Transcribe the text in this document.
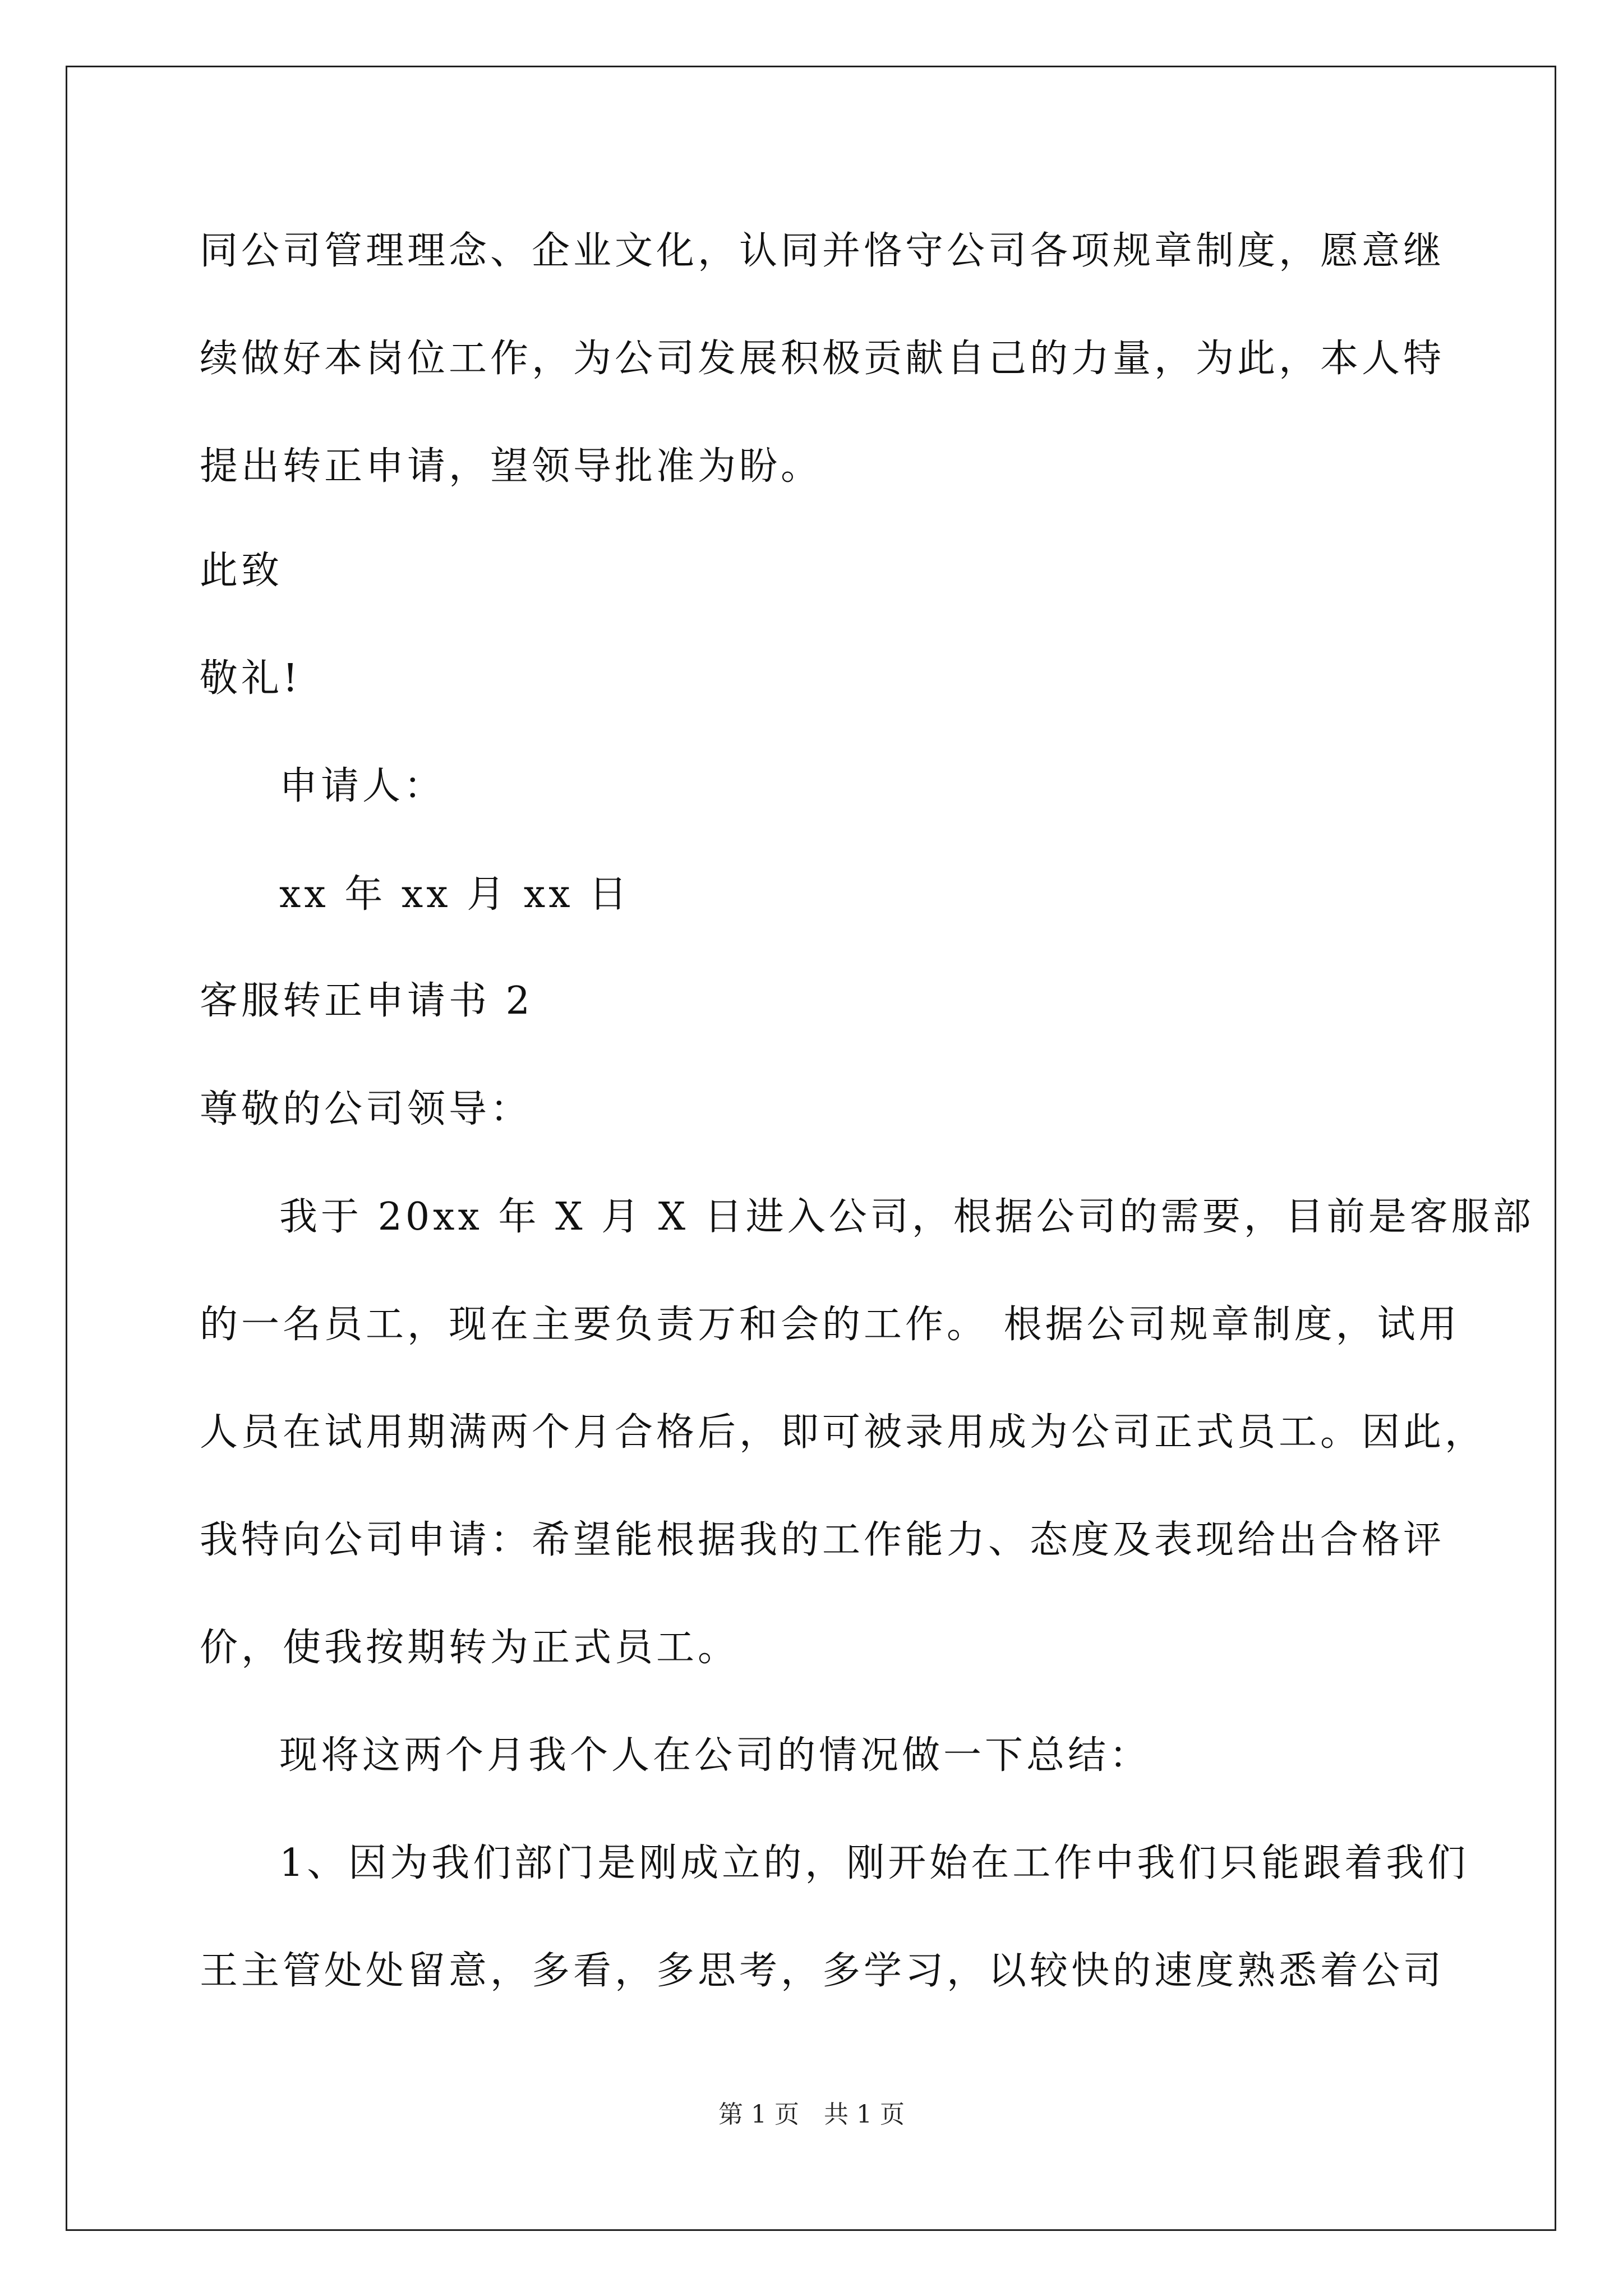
同公司管理理念、企业文化，认同并恪守公司各项规章制度，愿意继
续做好本岗位工作，为公司发展积极贡献自己的力量，为此，本人特
提出转正申请，望领导批准为盼。
此致
敬礼!
申请人：
xx 年 xx 月 xx 日
客服转正申请书 2
尊敬的公司领导：
我于 20xx 年 X 月 X 日进入公司，根据公司的需要，目前是客服部
的一名员工，现在主要负责万和会的工作。 根据公司规章制度，试用
人员在试用期满两个月合格后，即可被录用成为公司正式员工。因此，
我特向公司申请：希望能根据我的工作能力、态度及表现给出合格评
价，使我按期转为正式员工。
现将这两个月我个人在公司的情况做一下总结：
1、因为我们部门是刚成立的，刚开始在工作中我们只能跟着我们
王主管处处留意，多看，多思考，多学习，以较快的速度熟悉着公司
第 1 页　共 1 页
